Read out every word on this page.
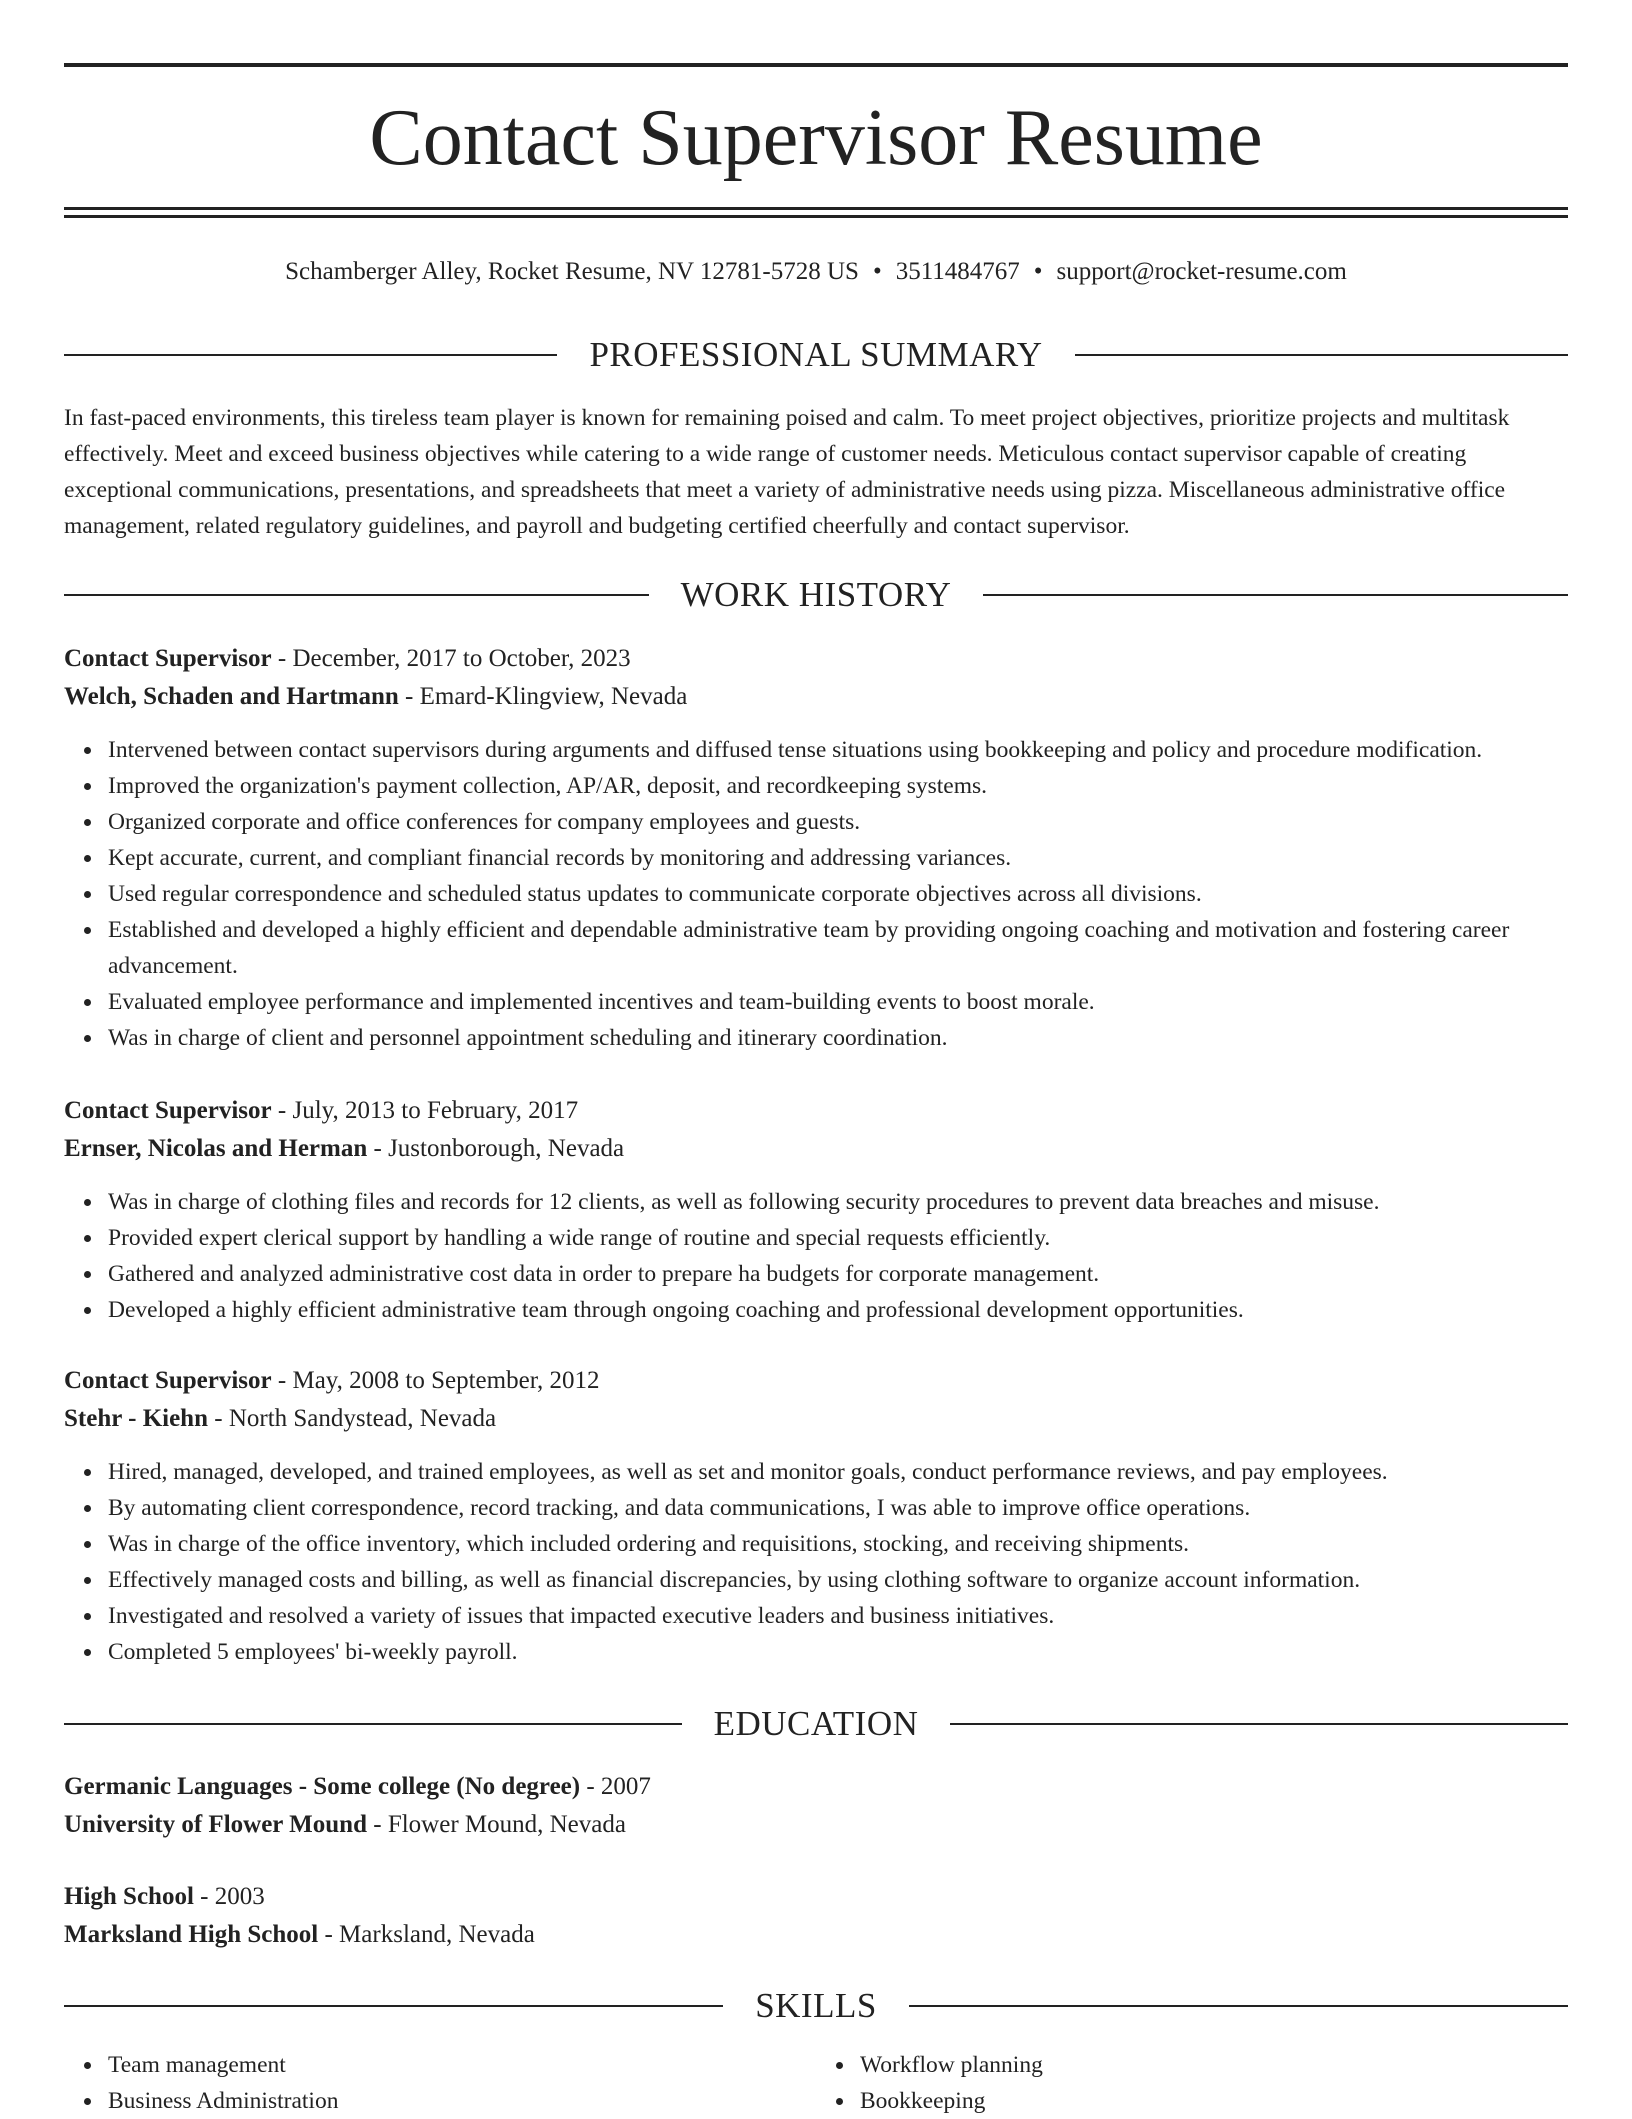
Contact Supervisor Resume
Schamberger Alley, Rocket Resume, NV 12781-5728 US • 3511484767 • support@rocket-resume.com
PROFESSIONAL SUMMARY

In fast-paced environments, this tireless team player is known for remaining poised and calm. To meet project objectives, prioritize projects and multitask effectively. Meet and exceed business objectives while catering to a wide range of customer needs. Meticulous contact supervisor capable of creating exceptional communications, presentations, and spreadsheets that meet a variety of administrative needs using pizza. Miscellaneous administrative office management, related regulatory guidelines, and payroll and budgeting certified cheerfully and contact supervisor.

WORK HISTORY
Contact Supervisor - December, 2017 to October, 2023
Welch, Schaden and Hartmann - Emard-Klingview, Nevada
Intervened between contact supervisors during arguments and diffused tense situations using bookkeeping and policy and procedure modification.
Improved the organization's payment collection, AP/AR, deposit, and recordkeeping systems.
Organized corporate and office conferences for company employees and guests.
Kept accurate, current, and compliant financial records by monitoring and addressing variances.
Used regular correspondence and scheduled status updates to communicate corporate objectives across all divisions.
Established and developed a highly efficient and dependable administrative team by providing ongoing coaching and motivation and fostering career advancement.
Evaluated employee performance and implemented incentives and team-building events to boost morale.
Was in charge of client and personnel appointment scheduling and itinerary coordination.
Contact Supervisor - July, 2013 to February, 2017
Ernser, Nicolas and Herman - Justonborough, Nevada
Was in charge of clothing files and records for 12 clients, as well as following security procedures to prevent data breaches and misuse.
Provided expert clerical support by handling a wide range of routine and special requests efficiently.
Gathered and analyzed administrative cost data in order to prepare ha budgets for corporate management.
Developed a highly efficient administrative team through ongoing coaching and professional development opportunities.
Contact Supervisor - May, 2008 to September, 2012
Stehr - Kiehn - North Sandystead, Nevada
Hired, managed, developed, and trained employees, as well as set and monitor goals, conduct performance reviews, and pay employees.
By automating client correspondence, record tracking, and data communications, I was able to improve office operations.
Was in charge of the office inventory, which included ordering and requisitions, stocking, and receiving shipments.
Effectively managed costs and billing, as well as financial discrepancies, by using clothing software to organize account information.
Investigated and resolved a variety of issues that impacted executive leaders and business initiatives.
Completed 5 employees' bi-weekly payroll.
EDUCATION
Germanic Languages - Some college (No degree) - 2007
University of Flower Mound - Flower Mound, Nevada
High School - 2003
Marksland High School - Marksland, Nevada
SKILLS
Team management
Business Administration
Workflow planning
Bookkeeping
